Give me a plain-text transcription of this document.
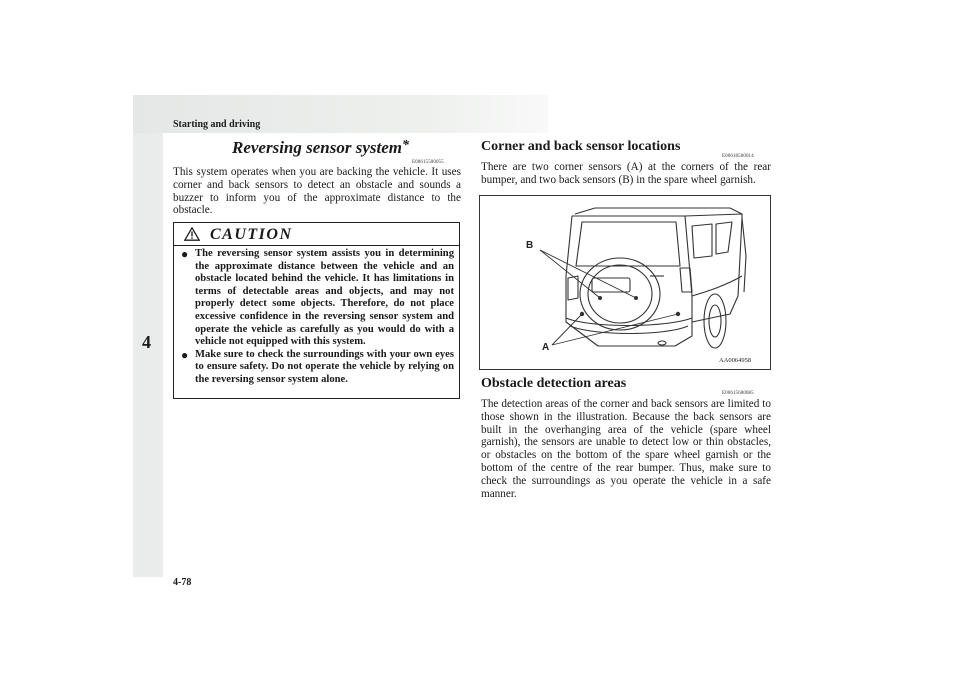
Starting and driving
4
Reversing sensor system*
E00615500055
This system operates when you are backing the vehicle. It uses corner and back sensors to detect an obstacle and sounds a buzzer to inform you of the approximate distance to the obstacle.
CAUTION
● The reversing sensor system assists you in determining the approximate distance between the vehicle and an obstacle located behind the vehicle. It has limitations in terms of detectable areas and objects, and may not properly detect some objects. Therefore, do not place excessive confidence in the reversing sensor system and operate the vehicle as carefully as you would do with a vehicle not equipped with this system.
● Make sure to check the surroundings with your own eyes to ensure safety. Do not operate the vehicle by relying on the reversing sensor system alone.
Corner and back sensor locations
E00618500014
There are two corner sensors (A) at the corners of the rear bumper, and two back sensors (B) in the spare wheel garnish.
B
A
AA0064958
Obstacle detection areas
E00615600085
The detection areas of the corner and back sensors are limited to those shown in the illustration. Because the back sensors are built in the overhanging area of the vehicle (spare wheel garnish), the sensors are unable to detect low or thin obstacles, or obstacles on the bottom of the spare wheel garnish or the bottom of the centre of the rear bumper. Thus, make sure to check the surroundings as you operate the vehicle in a safe manner.
4-78
